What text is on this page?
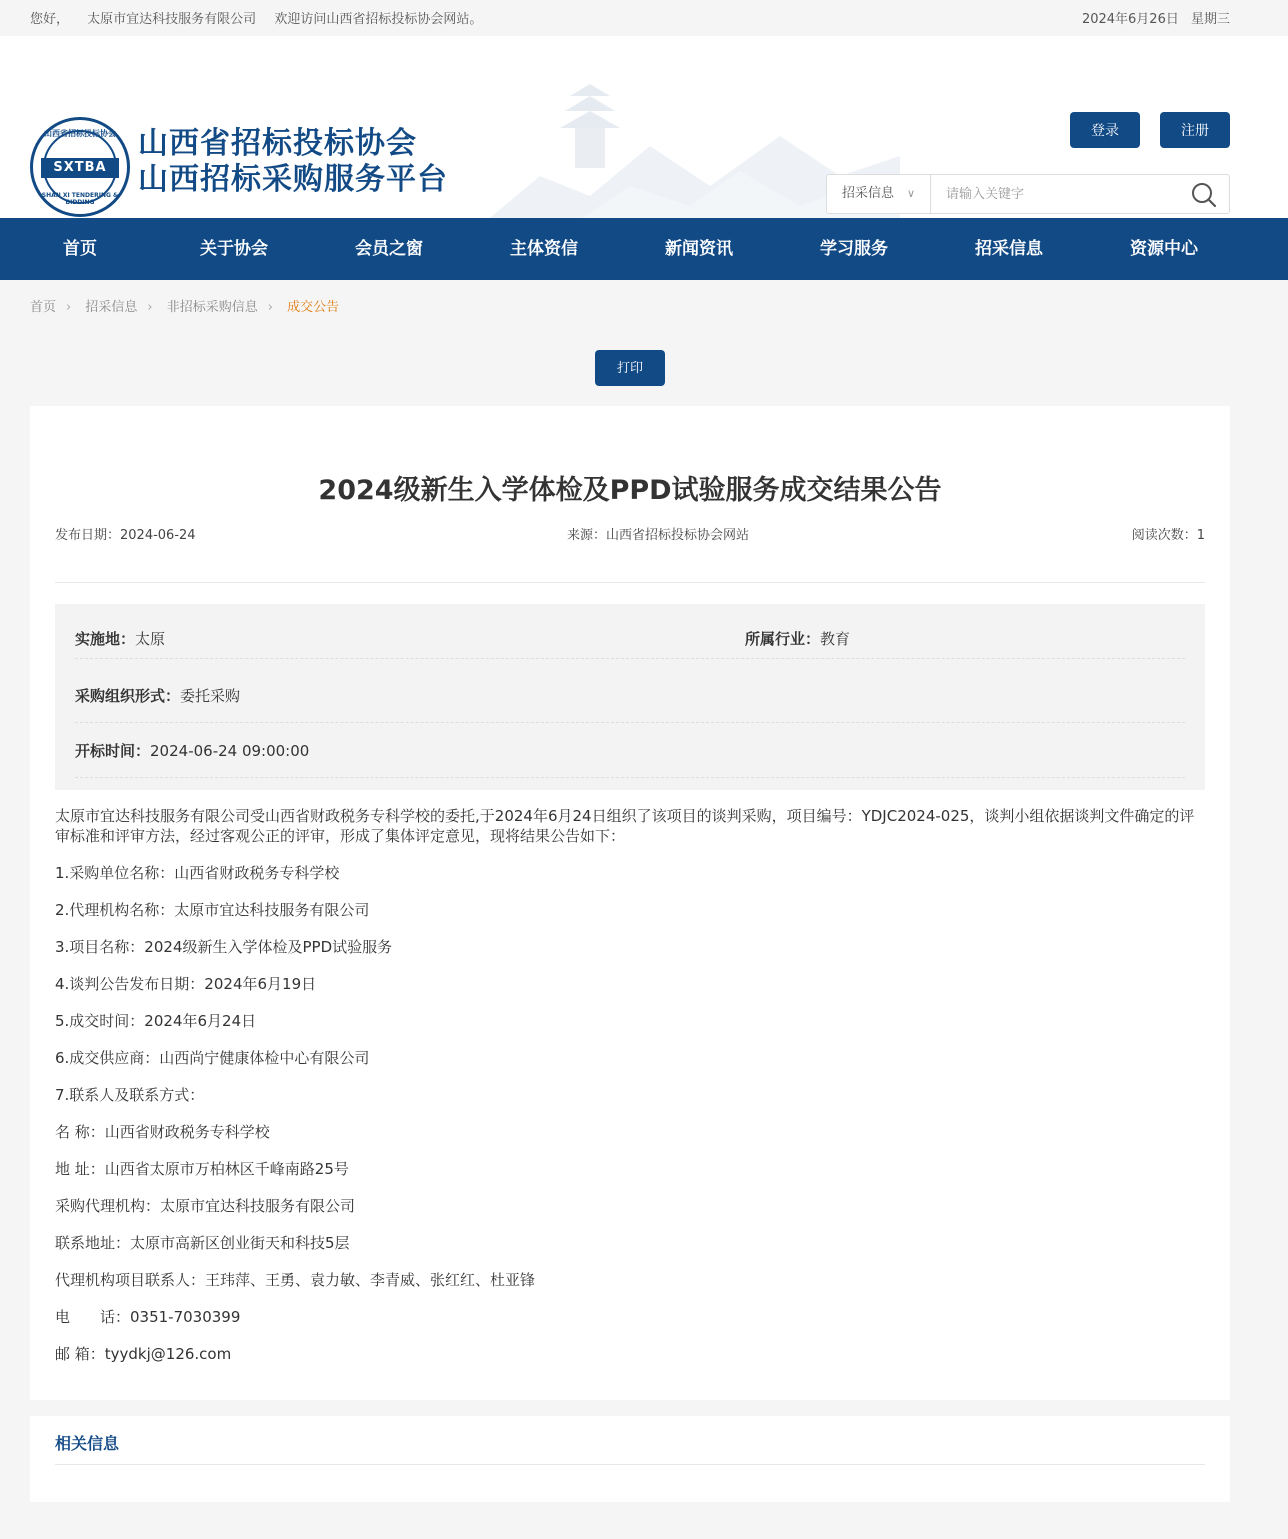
您好， 太原市宜达科技服务有限公司 欢迎访问山西省招标投标协会网站。	2024年6月26日 星期三
山西省招标投标协会
SXTBA
SHAN XI TENDERING & BIDDING
山西省招标投标协会
山西招标采购服务平台
登录	注册
招采信息 ∨
请输入关键字
首页	关于协会	会员之窗	主体资信	新闻资讯	学习服务	招采信息	资源中心
首页 › 招采信息 › 非招标采购信息 › 成交公告
打印
2024级新生入学体检及PPD试验服务成交结果公告
发布日期：2024-06-24	来源：山西省招标投标协会网站	阅读次数：1
实施地：太原	所属行业：教育
采购组织形式：委托采购
开标时间：2024-06-24 09:00:00

太原市宜达科技服务有限公司受山西省财政税务专科学校的委托,于2024年6月24日组织了该项目的谈判采购，项目编号：YDJC2024-025，谈判小组依据谈判文件确定的评审标准和评审方法，经过客观公正的评审，形成了集体评定意见，现将结果公告如下：

1.采购单位名称：山西省财政税务专科学校

2.代理机构名称：太原市宜达科技服务有限公司

3.项目名称：2024级新生入学体检及PPD试验服务

4.谈判公告发布日期：2024年6月19日

5.成交时间：2024年6月24日

6.成交供应商：山西尚宁健康体检中心有限公司

7.联系人及联系方式：

名 称：山西省财政税务专科学校

地 址：山西省太原市万柏林区千峰南路25号

采购代理机构：太原市宜达科技服务有限公司

联系地址：太原市高新区创业街天和科技5层

代理机构项目联系人：王玮萍、王勇、袁力敏、李青威、张红红、杜亚锋

电　　话：0351-7030399

邮 箱：tyydkj@126.com

相关信息
